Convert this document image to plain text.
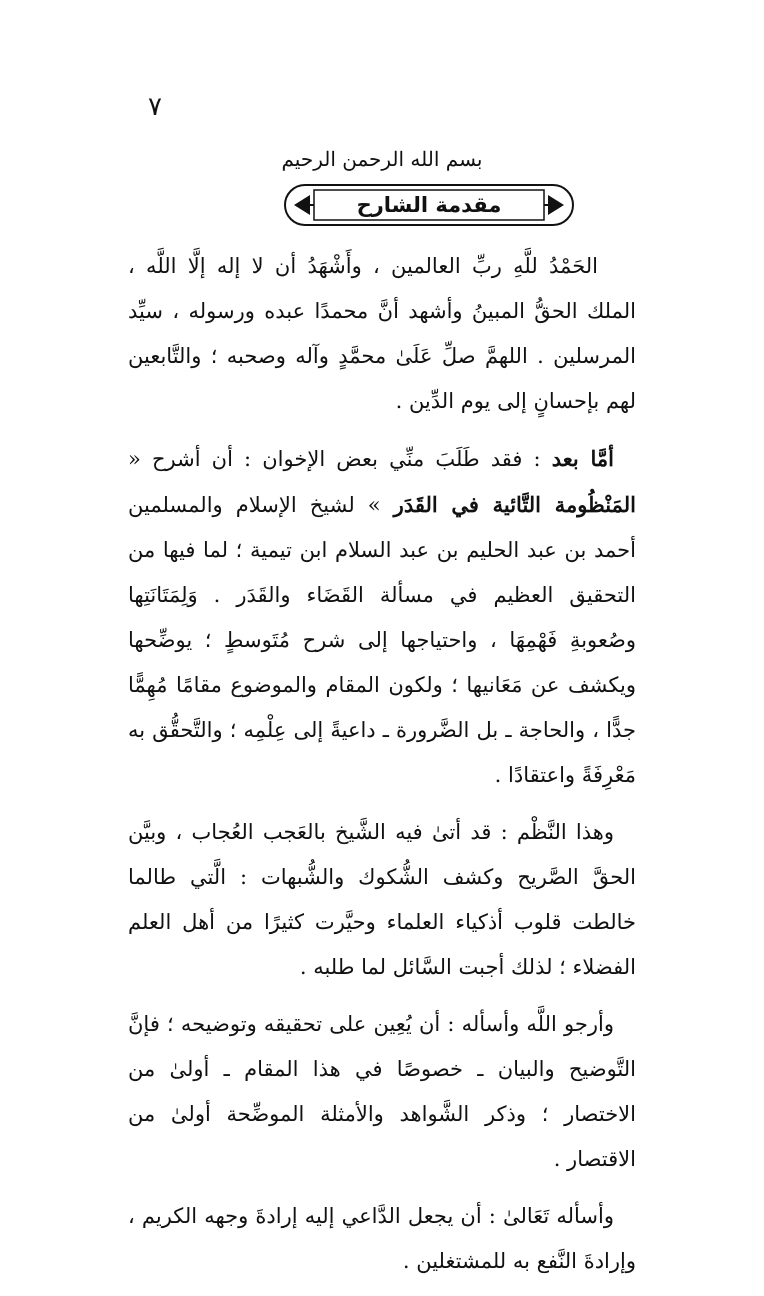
٧
بسم الله الرحمن الرحيم
مقدمة الشارح

الحَمْدُ للَّهِ ربِّ العالمين ، وأَشْهَدُ أن لا إله إلَّا اللَّه ، الملك الحقُّ المبينُ وأشهد أنَّ محمدًا عبده ورسوله ، سيِّد المرسلين . اللهمَّ صلِّ عَلَىٰ محمَّدٍ وآله وصحبه ؛ والتَّابعين لهم بإحسانٍ إلى يوم الدِّين .

أمَّا بعد : فقد طَلَبَ منِّي بعض الإخوان : أن أشرح « المَنْظُومة التَّائية في القَدَر » لشيخ الإسلام والمسلمين أحمد بن عبد الحليم بن عبد السلام ابن تيمية ؛ لما فيها من التحقيق العظيم في مسألة القَضَاء والقَدَر . وَلِمَتَانَتِها وصُعوبةِ فَهْمِهَا ، واحتياجها إلى شرح مُتَوسطٍ ؛ يوضِّحها ويكشف عن مَعَانيها ؛ ولكون المقام والموضوع مقامًا مُهِمًّا جدًّا ، والحاجة ـ بل الضَّرورة ـ داعيةً إلى عِلْمِه ؛ والتَّحقُّق به مَعْرِفَةً واعتقادًا .

وهذا النَّظْم : قد أتىٰ فيه الشَّيخ بالعَجب العُجاب ، وبيَّن الحقَّ الصَّريح وكشف الشُّكوك والشُّبهات : الَّتي طالما خالطت قلوب أذكياء العلماء وحيَّرت كثيرًا من أهل العلم الفضلاء ؛ لذلك أجبت السَّائل لما طلبه .

وأرجو اللَّه وأسأله : أن يُعِين على تحقيقه وتوضيحه ؛ فإنَّ التَّوضيح والبيان ـ خصوصًا في هذا المقام ـ أولىٰ من الاختصار ؛ وذكر الشَّواهد والأمثلة الموضِّحة أولىٰ من الاقتصار .

وأسأله تَعَالىٰ : أن يجعل الدَّاعي إليه إرادةَ وجهه الكريم ، وإرادةَ النَّفع به للمشتغلين .
